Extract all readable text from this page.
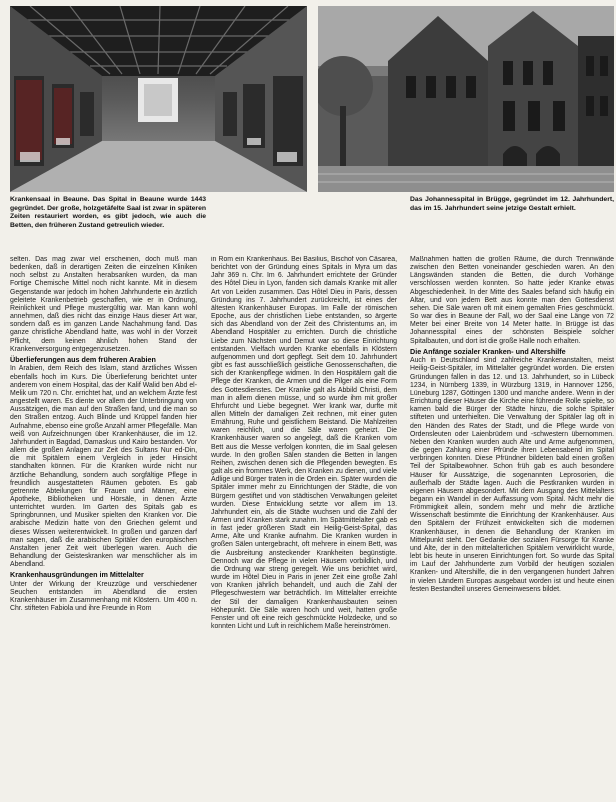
Krankensaal in Beaune. Das Spital in Beaune wurde 1443 gegründet. Der große, holzgetäfelte Saal ist zwar in späteren Zeiten restauriert worden, es gibt jedoch, wie auch die Betten, den früheren Zustand getreulich wieder.

Das Johannesspital in Brügge, gegründet im 12. Jahrhundert, das im 15. Jahrhundert seine jetzige Gestalt erhielt.

selten. Das mag zwar viel erscheinen, doch muß man bedenken, daß in derartigen Zeiten die einzelnen Kliniken noch selbst zu Anstalten herabsanken wurden, da man Fortige Chemische Mittel noch nicht kannte. Mit in diesem Gegenstande war jedoch im hohen Jahrhunderte ein ärztlich geleitete Krankenbetrieb geschaffen, wie er in Ordnung, Reinlichkeit und Pflege mustergültig war. Man kann wohl annehmen, daß dies nicht das einzige Haus dieser Art war, sondern daß es im ganzen Lande Nachahmung fand. Das ganze christliche Abendland hatte, was wohl in der Vorzeit Pflicht, dem keinen ähnlich hohen Stand der Krankenversorgung entgegenzusetzen.

Überlieferungen aus dem früheren Arabien

In Arabien, dem Reich des Islam, stand ärztliches Wissen ebenfalls hoch im Kurs. Die Überlieferung berichtet unter anderem von einem Hospital, das der Kalif Walid ben Abd el-Melik um 720 n. Chr. errichtet hat, und an welchem Ärzte fest angestellt waren. Es diente vor allem der Unterbringung von Aussätzigen, die man auf den Straßen fand, und die man so den Straßen entzog. Auch Blinde und Krüppel fanden hier Aufnahme, ebenso eine große Anzahl armer Pflegefälle. Man weiß von Aufzeichnungen über Krankenhäuser, die im 12. Jahrhundert in Bagdad, Damaskus und Kairo bestanden. Vor allem die großen Anlagen zur Zeit des Sultans Nur ed-Din, die mit Spitälern einem Vergleich in jeder Hinsicht standhalten können. Für die Kranken wurde nicht nur ärztliche Behandlung, sondern auch sorgfältige Pflege in freundlich ausgestatteten Räumen geboten. Es gab getrennte Abteilungen für Frauen und Männer, eine Apotheke, Bibliotheken und Hörsäle, in denen Ärzte unterrichtet wurden. Im Garten des Spitals gab es Springbrunnen, und Musiker spielten den Kranken vor. Die arabische Medizin hatte von den Griechen gelernt und dieses Wissen weiterentwickelt. In großen und ganzen darf man sagen, daß die arabischen Spitäler den europäischen Anstalten jener Zeit weit überlegen waren. Auch die Behandlung der Geisteskranken war menschlicher als im Abendland.

Krankenhausgründungen im Mittelalter

Unter der Wirkung der Kreuzzüge und verschiedener Seuchen entstanden im Abendland die ersten Krankenhäuser im Zusammenhang mit Klöstern. Um 400 n. Chr. stifteten Fabiola und ihre Freunde in Rom

in Rom ein Krankenhaus. Bei Basilius, Bischof von Cäsarea, berichtet von der Gründung eines Spitals in Myra um das Jahr 369 n. Chr. Im 6. Jahrhundert errichtete der Gründer des Hôtel Dieu in Lyon, fanden sich damals Kranke mit aller Art von Leiden zusammen. Das Hôtel Dieu in Paris, dessen Gründung ins 7. Jahrhundert zurückreicht, ist eines der ältesten Krankenhäuser Europas. Im Falle der römischen Epoche, aus der christlichen Liebe entstanden, so ärgerte sich das Abendland von der Zeit des Christentums an, im Abendland Hospitäler zu errichten. Durch die christliche Liebe zum Nächsten und Demut war so diese Einrichtung entstanden. Vielfach wurden Kranke ebenfalls in Klöstern aufgenommen und dort gepflegt. Seit dem 10. Jahrhundert gibt es fast ausschließlich geistliche Genossenschaften, die sich der Krankenpflege widmen. In den Hospitälern galt die Pflege der Kranken, die Armen und die Pilger als eine Form des Gottesdienstes. Der Kranke galt als Abbild Christi, dem man in allem dienen müsse, und so wurde ihm mit großer Ehrfurcht und Liebe begegnet. Wer krank war, durfte mit allen Mitteln der damaligen Zeit rechnen, mit einer guten Ernährung, Ruhe und geistlichem Beistand. Die Mahlzeiten waren reichlich, und die Säle waren geheizt. Die Krankenhäuser waren so angelegt, daß die Kranken vom Bett aus die Messe verfolgen konnten, die im Saal gelesen wurde. In den großen Sälen standen die Betten in langen Reihen, zwischen denen sich die Pflegenden bewegten. Es galt als ein frommes Werk, den Kranken zu dienen, und viele Adlige und Bürger traten in die Orden ein. Später wurden die Spitäler immer mehr zu Einrichtungen der Städte, die von Bürgern gestiftet und von städtischen Verwaltungen geleitet wurden. Diese Entwicklung setzte vor allem im 13. Jahrhundert ein, als die Städte wuchsen und die Zahl der Armen und Kranken stark zunahm. Im Spätmittelalter gab es in fast jeder größeren Stadt ein Heilig-Geist-Spital, das Arme, Alte und Kranke aufnahm. Die Kranken wurden in großen Sälen untergebracht, oft mehrere in einem Bett, was die Ausbreitung ansteckender Krankheiten begünstigte. Dennoch war die Pflege in vielen Häusern vorbildlich, und die Ordnung war streng geregelt. Wie uns berichtet wird, wurde im Hôtel Dieu in Paris in jener Zeit eine große Zahl von Kranken jährlich behandelt, und auch die Zahl der Pflegeschwestern war beträchtlich. Im Mittelalter erreichte der Stil der damaligen Krankenhausbauten seinen Höhepunkt. Die Säle waren hoch und weit, hatten große Fenster und oft eine reich geschmückte Holzdecke, und so konnten Licht und Luft in reichlichem Maße hereinströmen.

Maßnahmen hatten die großen Räume, die durch Trennwände zwischen den Betten voneinander geschieden waren. An den Längswänden standen die Betten, die durch Vorhänge verschlossen werden konnten. So hatte jeder Kranke etwas Abgeschiedenheit. In der Mitte des Saales befand sich häufig ein Altar, und von jedem Bett aus konnte man den Gottesdienst sehen. Die Säle waren oft mit einem gemalten Fries geschmückt. So war dies in Beaune der Fall, wo der Saal eine Länge von 72 Meter bei einer Breite von 14 Meter hatte. In Brügge ist das Johannesspital eines der schönsten Beispiele solcher Spitalbauten, und dort ist die große Halle noch erhalten.

Die Anfänge sozialer Kranken- und Altershilfe

Auch in Deutschland sind zahlreiche Krankenanstalten, meist Heilig-Geist-Spitäler, im Mittelalter gegründet worden. Die ersten Gründungen fallen in das 12. und 13. Jahrhundert, so in Lübeck 1234, in Nürnberg 1339, in Würzburg 1319, in Hannover 1256, Lüneburg 1287, Göttingen 1300 und manche andere. Wenn in der Errichtung dieser Häuser die Kirche eine führende Rolle spielte, so kamen bald die Bürger der Städte hinzu, die solche Spitäler stifteten und unterhielten. Die Verwaltung der Spitäler lag oft in den Händen des Rates der Stadt, und die Pflege wurde von Ordensleuten oder Laienbrüdern und -schwestern übernommen. Neben den Kranken wurden auch Alte und Arme aufgenommen, die gegen Zahlung einer Pfründe ihren Lebensabend im Spital verbringen konnten. Diese Pfründner bildeten bald einen großen Teil der Spitalbewohner. Schon früh gab es auch besondere Häuser für Aussätzige, die sogenannten Leprosorien, die außerhalb der Städte lagen. Auch die Pestkranken wurden in eigenen Häusern abgesondert. Mit dem Ausgang des Mittelalters begann ein Wandel in der Auffassung vom Spital. Nicht mehr die Frömmigkeit allein, sondern mehr und mehr die ärztliche Wissenschaft bestimmte die Einrichtung der Krankenhäuser. Aus den Spitälern der Frühzeit entwickelten sich die modernen Krankenhäuser, in denen die Behandlung der Kranken im Mittelpunkt steht. Der Gedanke der sozialen Fürsorge für Kranke und Alte, der in den mittelalterlichen Spitälern verwirklicht wurde, lebt bis heute in unseren Einrichtungen fort. So wurde das Spital im Lauf der Jahrhunderte zum Vorbild der heutigen sozialen Kranken- und Altershilfe, die in den vergangenen hundert Jahren in vielen Ländern Europas ausgebaut worden ist und heute einen festen Bestandteil unseres Gemeinwesens bildet.
